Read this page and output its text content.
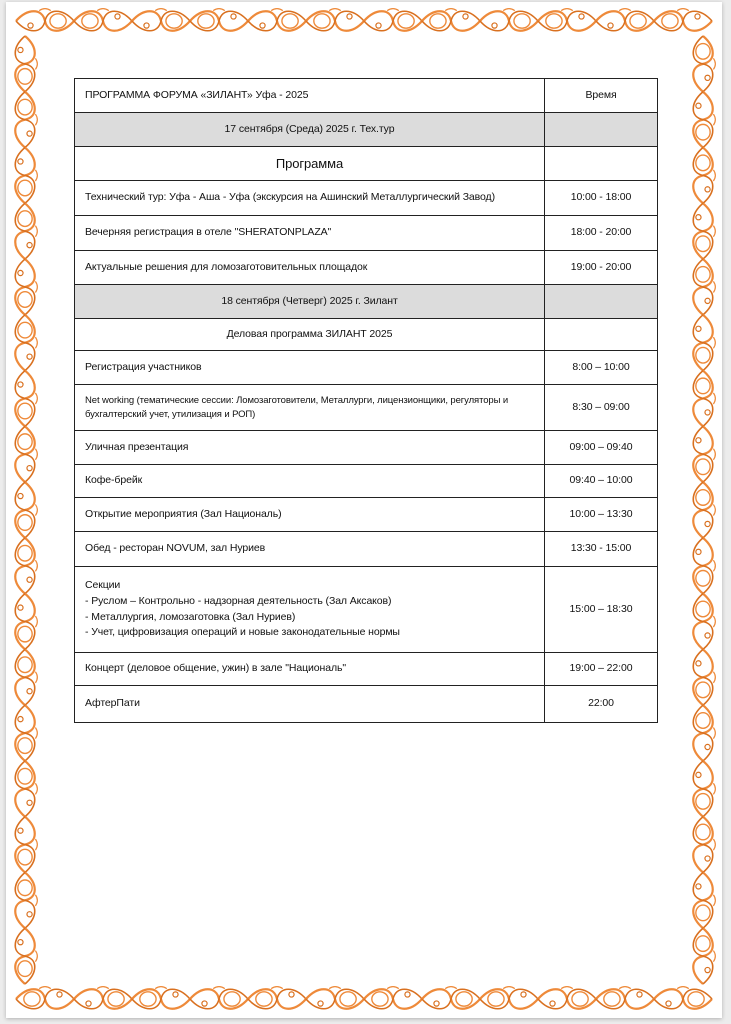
ПРОГРАММА ФОРУМА «ЗИЛАНТ» Уфа - 2025	Время
17 сентября (Среда) 2025 г. Тех.тур	
Программа	
Технический тур: Уфа - Аша - Уфа (экскурсия на Ашинский Металлургический Завод)	10:00 - 18:00
Вечерняя регистрация в отеле "SHERATONPLAZA"	18:00 - 20:00
Актуальные решения для ломозаготовительных площадок	19:00 - 20:00
18 сентября (Четверг) 2025 г. Зилант	
Деловая программа ЗИЛАНТ 2025	
Регистрация участников	8:00 – 10:00
Net working (тематические сессии: Ломозаготовители, Металлурги, лицензионщики, регуляторы и бухгалтерский учет, утилизация и РОП)	8:30 – 09:00
Уличная презентация	09:00 – 09:40
Кофе-брейк	09:40 – 10:00
Открытие мероприятия (Зал Националь)	10:00 – 13:30
Обед - ресторан NOVUM, зал Нуриев	13:30 - 15:00

Секции
- Руслом – Контрольно - надзорная деятельность (Зал Аксаков)
- Металлургия, ломозаготовка (Зал Нуриев)
- Учет, цифровизация операций и новые законодательные нормы	15:00 – 18:30
Концерт (деловое общение, ужин) в зале "Националь"	19:00 – 22:00
АфтерПати	22:00
